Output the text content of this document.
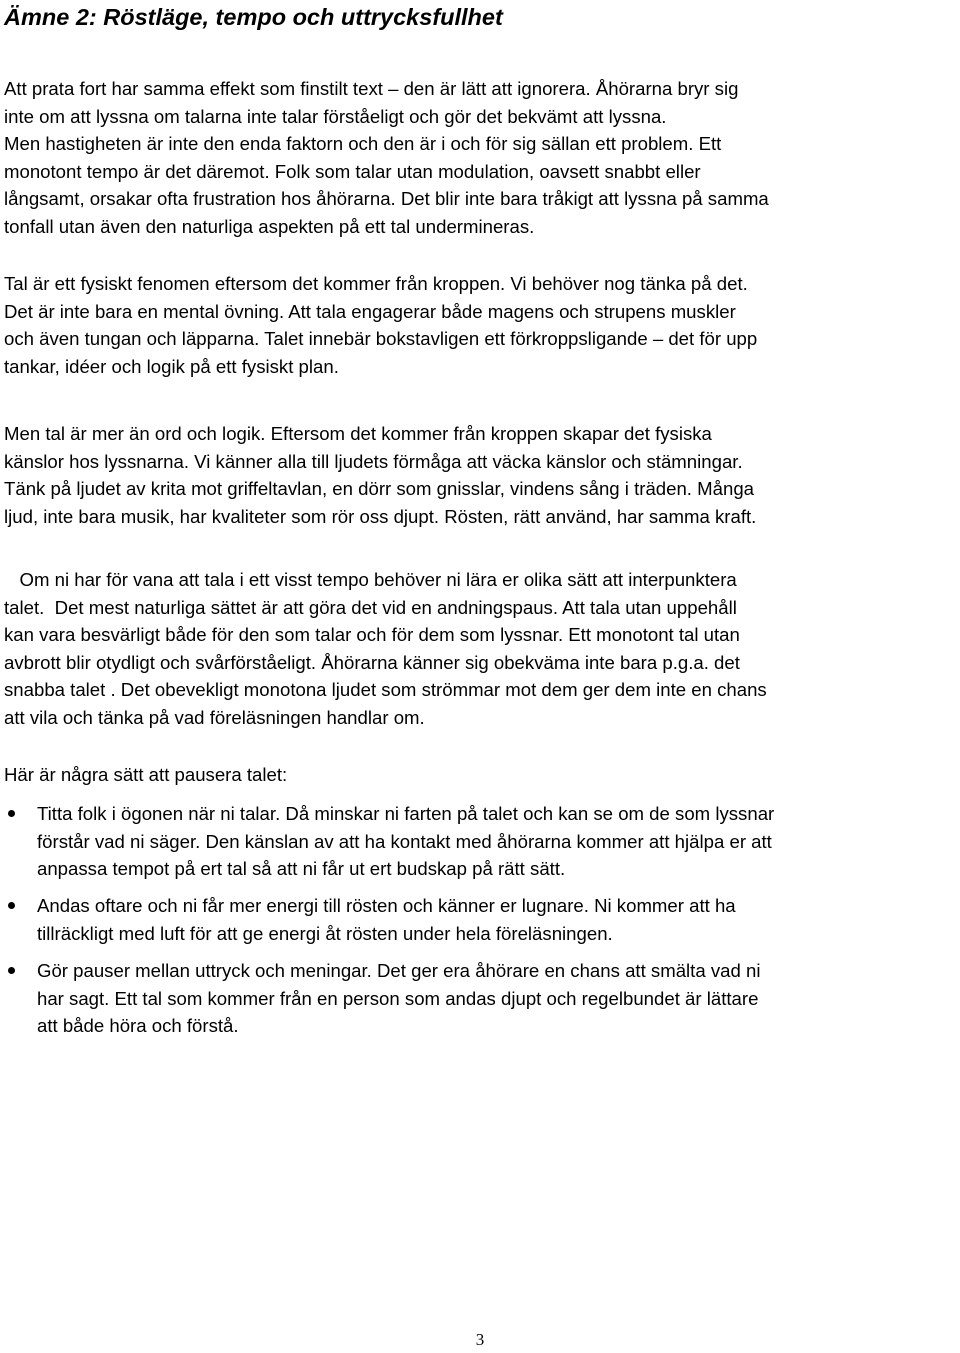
Ämne 2: Röstläge, tempo och uttrycksfullhet

Att prata fort har samma effekt som finstilt text – den är lätt att ignorera. Åhörarna bryr sig
inte om att lyssna om talarna inte talar förståeligt och gör det bekvämt att lyssna.
Men hastigheten är inte den enda faktorn och den är i och för sig sällan ett problem. Ett
monotont tempo är det däremot. Folk som talar utan modulation, oavsett snabbt eller
långsamt, orsakar ofta frustration hos åhörarna. Det blir inte bara tråkigt att lyssna på samma
tonfall utan även den naturliga aspekten på ett tal undermineras.

Tal är ett fysiskt fenomen eftersom det kommer från kroppen. Vi behöver nog tänka på det.
Det är inte bara en mental övning. Att tala engagerar både magens och strupens muskler
och även tungan och läpparna. Talet innebär bokstavligen ett förkroppsligande – det för upp
tankar, idéer och logik på ett fysiskt plan.

Men tal är mer än ord och logik. Eftersom det kommer från kroppen skapar det fysiska
känslor hos lyssnarna. Vi känner alla till ljudets förmåga att väcka känslor och stämningar.
Tänk på ljudet av krita mot griffeltavlan, en dörr som gnisslar, vindens sång i träden. Många
ljud, inte bara musik, har kvaliteter som rör oss djupt. Rösten, rätt använd, har samma kraft.

Om ni har för vana att tala i ett visst tempo behöver ni lära er olika sätt att interpunktera
talet.  Det mest naturliga sättet är att göra det vid en andningspaus. Att tala utan uppehåll
kan vara besvärligt både för den som talar och för dem som lyssnar. Ett monotont tal utan
avbrott blir otydligt och svårförståeligt. Åhörarna känner sig obekväma inte bara p.g.a. det
snabba talet . Det obevekligt monotona ljudet som strömmar mot dem ger dem inte en chans
att vila och tänka på vad föreläsningen handlar om.

Här är några sätt att pausera talet:

Titta folk i ögonen när ni talar. Då minskar ni farten på talet och kan se om de som lyssnar
förstår vad ni säger. Den känslan av att ha kontakt med åhörarna kommer att hjälpa er att
anpassa tempot på ert tal så att ni får ut ert budskap på rätt sätt.
Andas oftare och ni får mer energi till rösten och känner er lugnare. Ni kommer att ha
tillräckligt med luft för att ge energi åt rösten under hela föreläsningen.
Gör pauser mellan uttryck och meningar. Det ger era åhörare en chans att smälta vad ni
har sagt. Ett tal som kommer från en person som andas djupt och regelbundet är lättare
att både höra och förstå.
3
